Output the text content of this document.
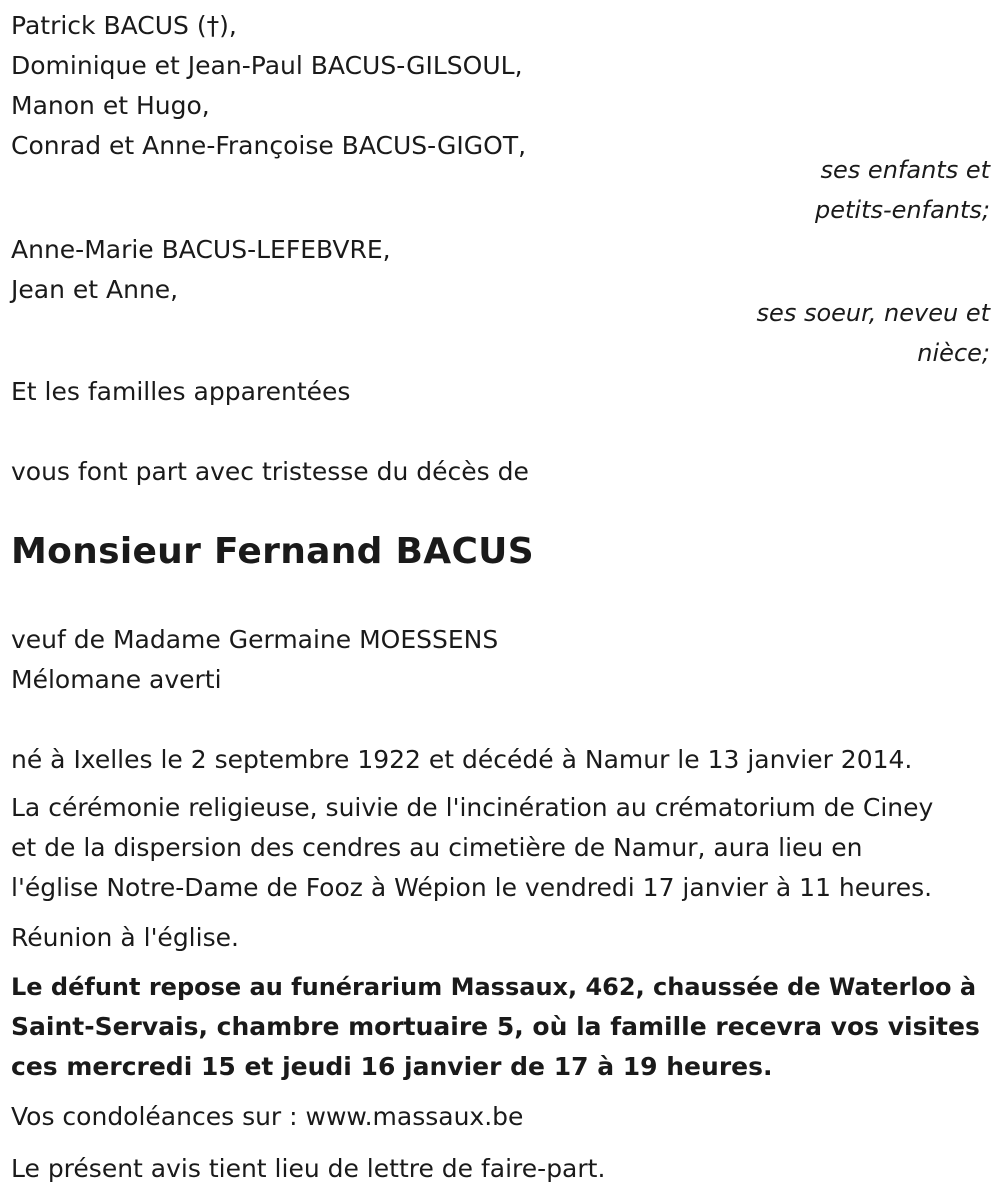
Patrick BACUS (†),
Dominique et Jean-Paul BACUS-GILSOUL,
Manon et Hugo,
Conrad et Anne-Françoise BACUS-GIGOT,
ses enfants et
petits-enfants;
Anne-Marie BACUS-LEFEBVRE,
Jean et Anne,
ses soeur, neveu et
nièce;
Et les familles apparentées
vous font part avec tristesse du décès de
Monsieur Fernand BACUS
veuf de Madame Germaine MOESSENS
Mélomane averti
né à Ixelles le 2 septembre 1922 et décédé à Namur le 13 janvier 2014.
La cérémonie religieuse, suivie de l'incinération au crématorium de Ciney
et de la dispersion des cendres au cimetière de Namur, aura lieu en
l'église Notre-Dame de Fooz à Wépion le vendredi 17 janvier à 11 heures.
Réunion à l'église.
Le défunt repose au funérarium Massaux, 462, chaussée de Waterloo à
Saint-Servais, chambre mortuaire 5, où la famille recevra vos visites
ces mercredi 15 et jeudi 16 janvier de 17 à 19 heures.
Vos condoléances sur : www.massaux.be
Le présent avis tient lieu de lettre de faire-part.
